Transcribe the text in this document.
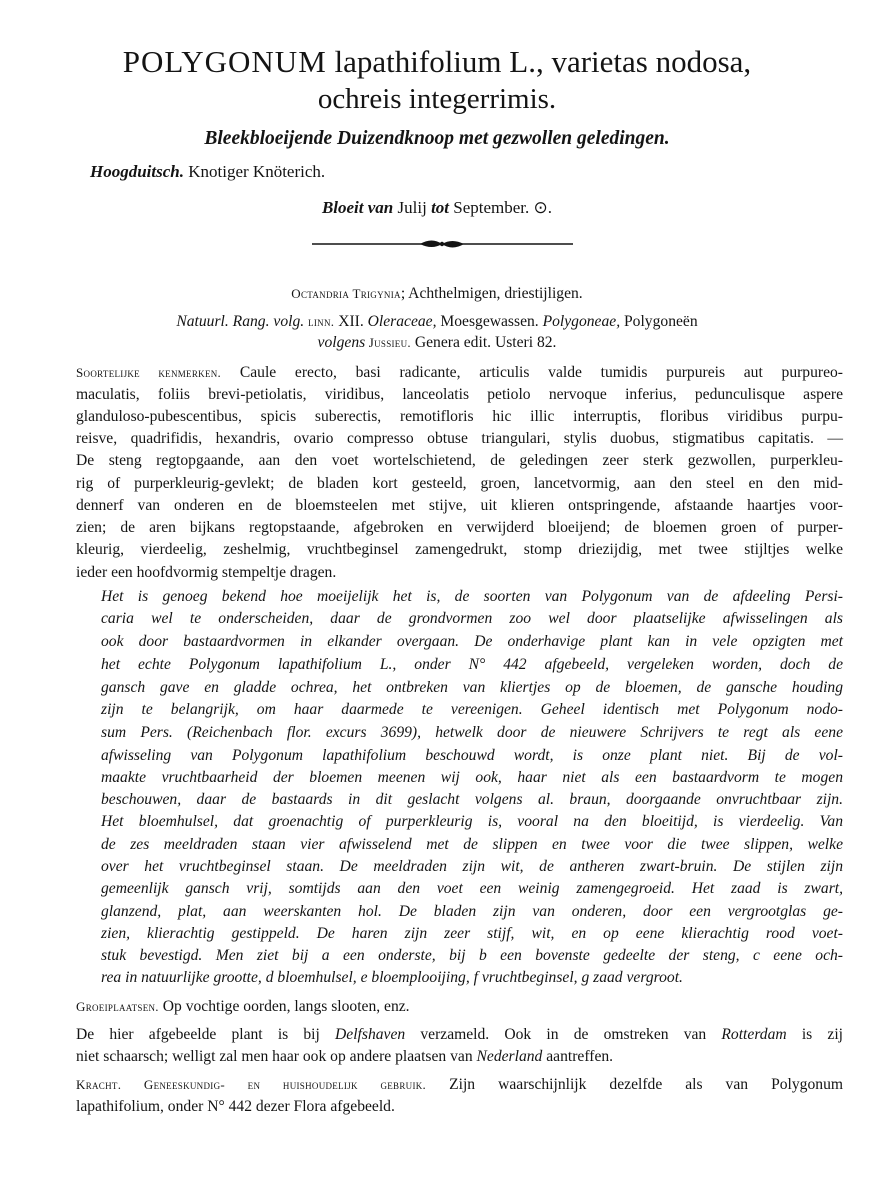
POLYGONUM lapathifolium L., varietas nodosa,
ochreis integerrimis.
Bleekbloeijende Duizendknoop met gezwollen geledingen.
Hoogduitsch. Knotiger Knöterich.
Bloeit van Julij tot September. ⊙.
Octandria Trigynia; Achthelmigen, driestijligen.
Natuurl. Rang. volg. linn. XII. Oleraceae, Moesgewassen. Polygoneae, Polygoneën
volgens Jussieu. Genera edit. Usteri 82.
Soortelijke kenmerken. Caule erecto, basi radicante, articulis valde tumidis purpureis aut purpureo-
maculatis, foliis brevi-petiolatis, viridibus, lanceolatis petiolo nervoque inferius, pedunculisque aspere
glanduloso-pubescentibus, spicis suberectis, remotifloris hic illic interruptis, floribus viridibus purpu-
reisve, quadrifidis, hexandris, ovario compresso obtuse triangulari, stylis duobus, stigmatibus capitatis. —
De steng regtopgaande, aan den voet wortelschietend, de geledingen zeer sterk gezwollen, purperkleu-
rig of purperkleurig-gevlekt; de bladen kort gesteeld, groen, lancetvormig, aan den steel en den mid-
dennerf van onderen en de bloemsteelen met stijve, uit klieren ontspringende, afstaande haartjes voor-
zien; de aren bijkans regtopstaande, afgebroken en verwijderd bloeijend; de bloemen groen of purper-
kleurig, vierdeelig, zeshelmig, vruchtbeginsel zamengedrukt, stomp driezijdig, met twee stijltjes welke
ieder een hoofdvormig stempeltje dragen.
Het is genoeg bekend hoe moeijelijk het is, de soorten van Polygonum van de afdeeling Persi-
caria wel te onderscheiden, daar de grondvormen zoo wel door plaatselijke afwisselingen als
ook door bastaardvormen in elkander overgaan. De onderhavige plant kan in vele opzigten met
het echte Polygonum lapathifolium L., onder N° 442 afgebeeld, vergeleken worden, doch de
gansch gave en gladde ochrea, het ontbreken van kliertjes op de bloemen, de gansche houding
zijn te belangrijk, om haar daarmede te vereenigen. Geheel identisch met Polygonum nodo-
sum Pers. (Reichenbach flor. excurs 3699), hetwelk door de nieuwere Schrijvers te regt als eene
afwisseling van Polygonum lapathifolium beschouwd wordt, is onze plant niet. Bij de vol-
maakte vruchtbaarheid der bloemen meenen wij ook, haar niet als een bastaardvorm te mogen
beschouwen, daar de bastaards in dit geslacht volgens al. braun, doorgaande onvruchtbaar zijn.
Het bloemhulsel, dat groenachtig of purperkleurig is, vooral na den bloeitijd, is vierdeelig. Van
de zes meeldraden staan vier afwisselend met de slippen en twee voor die twee slippen, welke
over het vruchtbeginsel staan. De meeldraden zijn wit, de antheren zwart-bruin. De stijlen zijn
gemeenlijk gansch vrij, somtijds aan den voet een weinig zamengegroeid. Het zaad is zwart,
glanzend, plat, aan weerskanten hol. De bladen zijn van onderen, door een vergrootglas ge-
zien, klierachtig gestippeld. De haren zijn zeer stijf, wit, en op eene klierachtig rood voet-
stuk bevestigd. Men ziet bij a een onderste, bij b een bovenste gedeelte der steng, c eene och-
rea in natuurlijke grootte, d bloemhulsel, e bloemplooijing, f vruchtbeginsel, g zaad vergroot.
Groeiplaatsen. Op vochtige oorden, langs slooten, enz.
De hier afgebeelde plant is bij Delfshaven verzameld. Ook in de omstreken van Rotterdam is zij
niet schaarsch; welligt zal men haar ook op andere plaatsen van Nederland aantreffen.
Kracht. Geneeskundig- en huishoudelijk gebruik. Zijn waarschijnlijk dezelfde als van Polygonum
lapathifolium, onder N° 442 dezer Flora afgebeeld.
